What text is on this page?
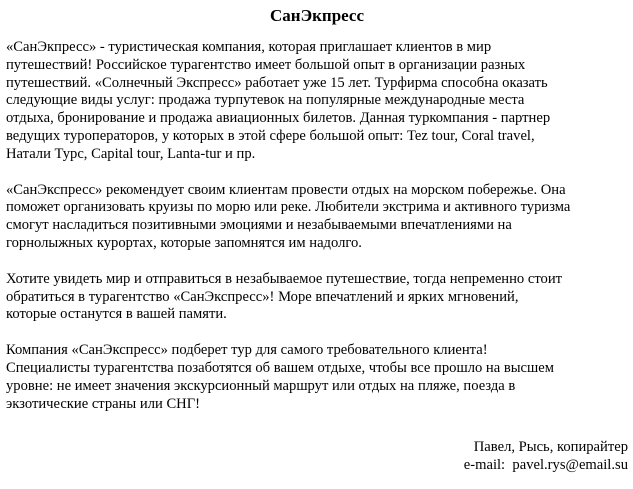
СанЭкпресс

«СанЭкпресс» - туристическая компания, которая приглашает клиентов в мир
путешествий! Российское турагентство имеет большой опыт в организации разных
путешествий. «Солнечный Экспресс» работает уже 15 лет. Турфирма способна оказать
следующие виды услуг: продажа турпутевок на популярные международные места
отдыха, бронирование и продажа авиационных билетов. Данная туркомпания - партнер
ведущих туроператоров, у которых в этой сфере большой опыт: Tez tour, Coral travel,
Натали Турс, Capital tour, Lanta-tur и пр.

«СанЭкспресс» рекомендует своим клиентам провести отдых на морском побережье. Она
поможет организовать круизы по морю или реке. Любители экстрима и активного туризма
смогут насладиться позитивными эмоциями и незабываемыми впечатлениями на
горнолыжных курортах, которые запомнятся им надолго.

Хотите увидеть мир и отправиться в незабываемое путешествие, тогда непременно стоит
обратиться в турагентство «СанЭкспресс»! Море впечатлений и ярких мгновений,
которые останутся в вашей памяти.

Компания «СанЭкспресс» подберет тур для самого требовательного клиента!
Специалисты турагентства позаботятся об вашем отдыхе, чтобы все прошло на высшем
уровне: не имеет значения экскурсионный маршрут или отдых на пляже, поезда в
экзотические страны или СНГ!

Павел, Рысь, копирайтер
e-mail: pavel.rys@email.su
